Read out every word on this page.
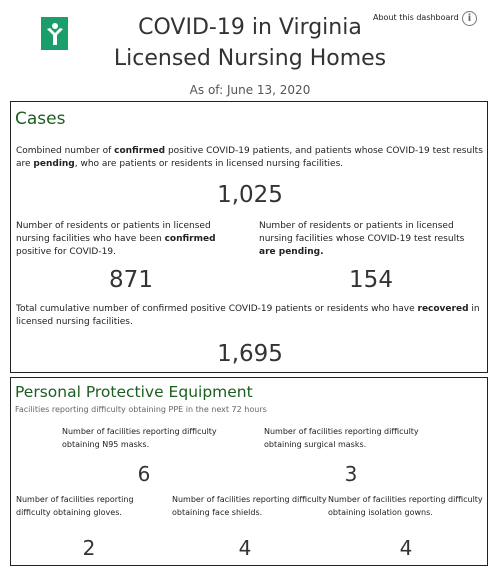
COVID-19 in Virginia
Licensed Nursing Homes
About this dashboard i
As of: June 13, 2020
Cases
Combined number of confirmed positive COVID-19 patients, and patients whose COVID-19 test results are pending, who are patients or residents in licensed nursing facilities.
1,025
Number of residents or patients in licensed nursing facilities who have been confirmed positive for COVID-19.
871
Number of residents or patients in licensed nursing facilities whose COVID-19 test results are pending.
154
Total cumulative number of confirmed positive COVID-19 patients or residents who have recovered in licensed nursing facilities.
1,695
Personal Protective Equipment
Facilities reporting difficulty obtaining PPE in the next 72 hours
Number of facilities reporting difficulty obtaining N95 masks.
6
Number of facilities reporting difficulty obtaining surgical masks.
3
Number of facilities reporting difficulty obtaining gloves.
2
Number of facilities reporting difficulty obtaining face shields.
4
Number of facilities reporting difficulty obtaining isolation gowns.
4
